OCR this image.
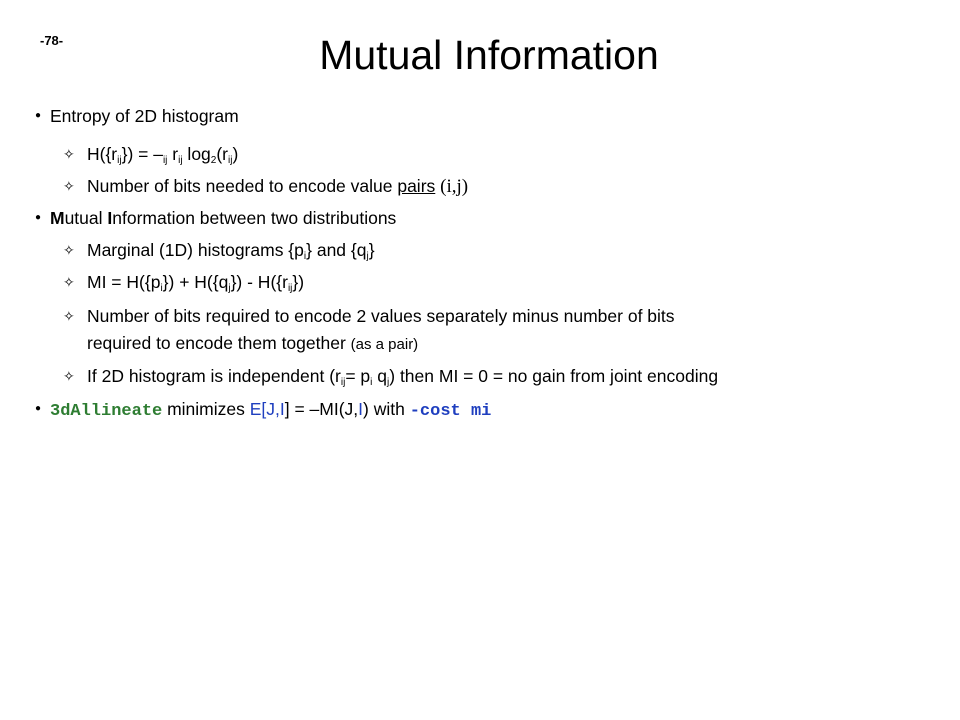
-78-	Mutual Information
● Entropy of 2D histogram
✧ H({rij}) = –ij rij log2(rij)
✧ Number of bits needed to encode value pairs (i,j)
● Mutual Information between two distributions
✧ Marginal (1D) histograms {pi} and {qj}
✧ MI = H({pi}) + H({qj}) - H({rij})
✧ Number of bits required to encode 2 values separately minus number of bits
required to encode them together (as a pair)
✧ If 2D histogram is independent (rij= pi qj) then MI = 0 = no gain from joint encoding
● 3dAllineate minimizes E[J,I] = –MI(J,I) with -cost mi
